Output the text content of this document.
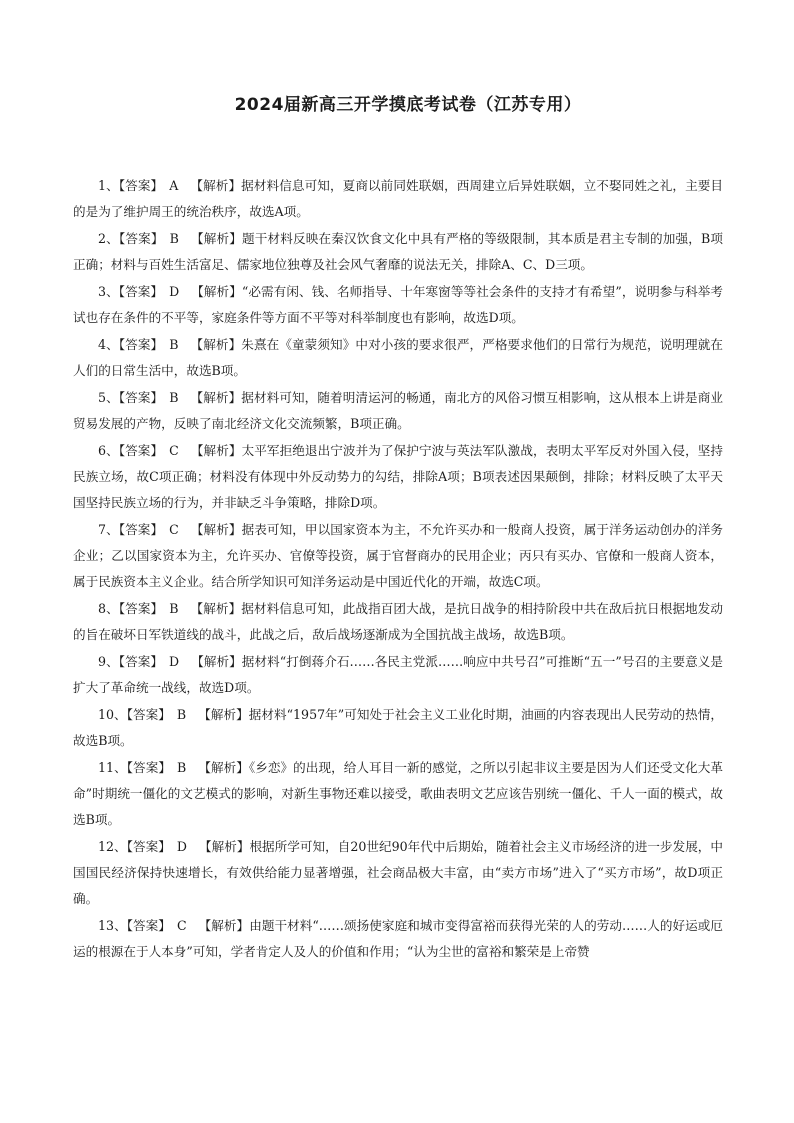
2024届新高三开学摸底考试卷（江苏专用）

1、【答案】 A 【解析】据材料信息可知，夏商以前同姓联姻，西周建立后异姓联姻，立不娶同姓之礼，主要目的是为了维护周王的统治秩序，故选A项。

2、【答案】 B 【解析】题干材料反映在秦汉饮食文化中具有严格的等级限制，其本质是君主专制的加强，B项正确；材料与百姓生活富足、儒家地位独尊及社会风气奢靡的说法无关，排除A、C、D三项。

3、【答案】 D 【解析】“必需有闲、钱、名师指导、十年寒窗等等社会条件的支持才有希望”，说明参与科举考试也存在条件的不平等，家庭条件等方面不平等对科举制度也有影响，故选D项。

4、【答案】 B 【解析】朱熹在《童蒙须知》中对小孩的要求很严，严格要求他们的日常行为规范，说明理就在人们的日常生活中，故选B项。

5、【答案】 B 【解析】据材料可知，随着明清运河的畅通，南北方的风俗习惯互相影响，这从根本上讲是商业贸易发展的产物，反映了南北经济文化交流频繁，B项正确。

6、【答案】 C 【解析】太平军拒绝退出宁波并为了保护宁波与英法军队激战，表明太平军反对外国入侵，坚持民族立场，故C项正确；材料没有体现中外反动势力的勾结，排除A项；B项表述因果颠倒，排除；材料反映了太平天国坚持民族立场的行为，并非缺乏斗争策略，排除D项。

7、【答案】 C 【解析】据表可知，甲以国家资本为主，不允许买办和一般商人投资，属于洋务运动创办的洋务企业；乙以国家资本为主，允许买办、官僚等投资，属于官督商办的民用企业；丙只有买办、官僚和一般商人资本，属于民族资本主义企业。结合所学知识可知洋务运动是中国近代化的开端，故选C项。

8、【答案】 B 【解析】据材料信息可知，此战指百团大战，是抗日战争的相持阶段中共在敌后抗日根据地发动的旨在破坏日军铁道线的战斗，此战之后，敌后战场逐渐成为全国抗战主战场，故选B项。

9、【答案】 D 【解析】据材料“打倒蒋介石……各民主党派……响应中共号召”可推断“五一”号召的主要意义是扩大了革命统一战线，故选D项。

10、【答案】 B 【解析】据材料“1957年”可知处于社会主义工业化时期，油画的内容表现出人民劳动的热情，故选B项。

11、【答案】 B 【解析】《乡恋》的出现，给人耳目一新的感觉，之所以引起非议主要是因为人们还受文化大革命”时期统一僵化的文艺模式的影响，对新生事物还难以接受，歌曲表明文艺应该告别统一僵化、千人一面的模式，故选B项。

12、【答案】 D 【解析】根据所学可知，自20世纪90年代中后期始，随着社会主义市场经济的进一步发展，中国国民经济保持快速增长，有效供给能力显著增强，社会商品极大丰富，由“卖方市场”进入了“买方市场”，故D项正确。

13、【答案】 C 【解析】由题干材料“……颂扬使家庭和城市变得富裕而获得光荣的人的劳动……人的好运或厄运的根源在于人本身”可知，学者肯定人及人的价值和作用；“认为尘世的富裕和繁荣是上帝赞
